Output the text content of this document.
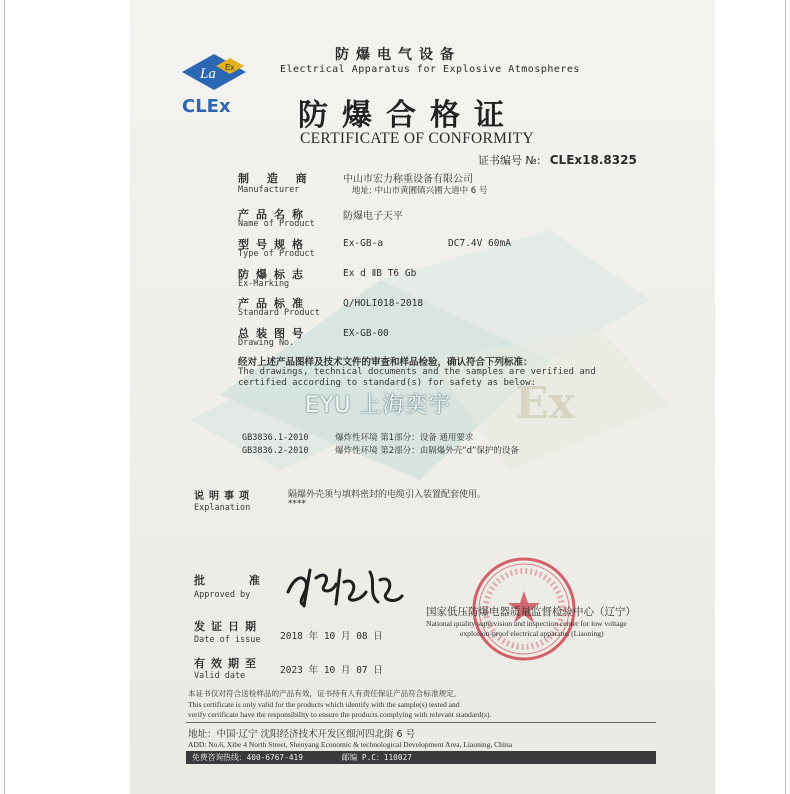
Ex
La Ex
CLEx
防爆电气设备
Electrical Apparatus for Explosive Atmospheres
防爆合格证
CERTIFICATE OF CONFORMITY
证书编号 №: CLEx18.8325
制 造 商
Manufacturer
中山市宏力称重设备有限公司
地址: 中山市黄圃镇兴圃大道中 6 号
产品名称
Name of Product
防爆电子天平
型号规格
Type of Product
Ex-GB-a	DC7.4V 60mA
防爆标志
Ex-Marking
Ex d ⅡB T6 Gb
产品标准
Standard Product
Q/HOLI018-2018
总装图号
Drawing No.
EX-GB-00
经对上述产品图样及技术文件的审查和样品检验，确认符合下列标准：
The drawings, technical documents and the samples are verified and
certified according to standard(s) for safety as below:
EYU 上海奕宇
GB3836.1-2010	爆炸性环境 第1部分：设备 通用要求
GB3836.2-2010	爆炸性环境 第2部分：由隔爆外壳“d”保护的设备
说明事项
Explanation
隔爆外壳须与填料密封的电缆引入装置配套使用。
****
批 准
Approved by
国家低压防爆电器质量监督检验中心（辽宁）
National quality supervision and inspection center for low voltage
explosion-proof electrical apparatus (Liaoning)
发证日期
Date of issue 2018 年 10 月 08 日
有效期至
Valid date	2023 年 10 月 07 日
本证书仅对符合送检样品的产品有效，证书持有人有责任保证产品符合标准规定。
This certificate is only valid for the products which identify with the sample(s) tested and
verify certificate have the responsibility to ensure the products complying with relevant standard(s).
地址：中国·辽宁 沈阳经济技术开发区细河四北街 6 号
ADD: No.6, Xibe 4 North Street, Shenyang Economic & technological Development Area, Liaoning, China
免费咨询热线：400-6767-419	邮编 P.C：110027
